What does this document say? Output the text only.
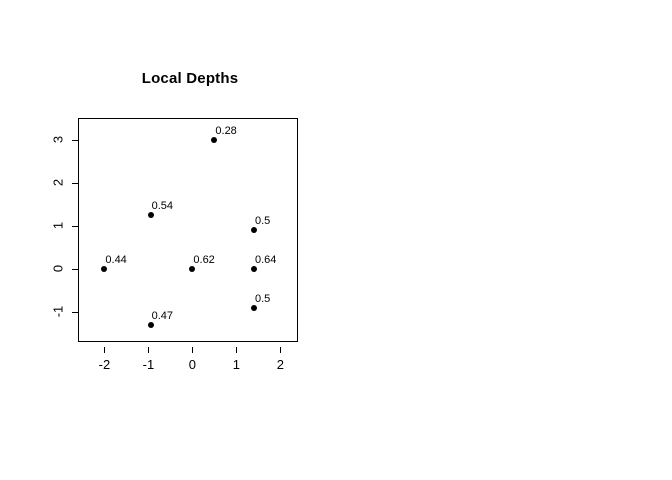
Local Depths
0.28
0.54
0.5
0.44	0.62	0.64
0.5
0.47
-2	-1	0	1	2
-1
0
1
2
3
